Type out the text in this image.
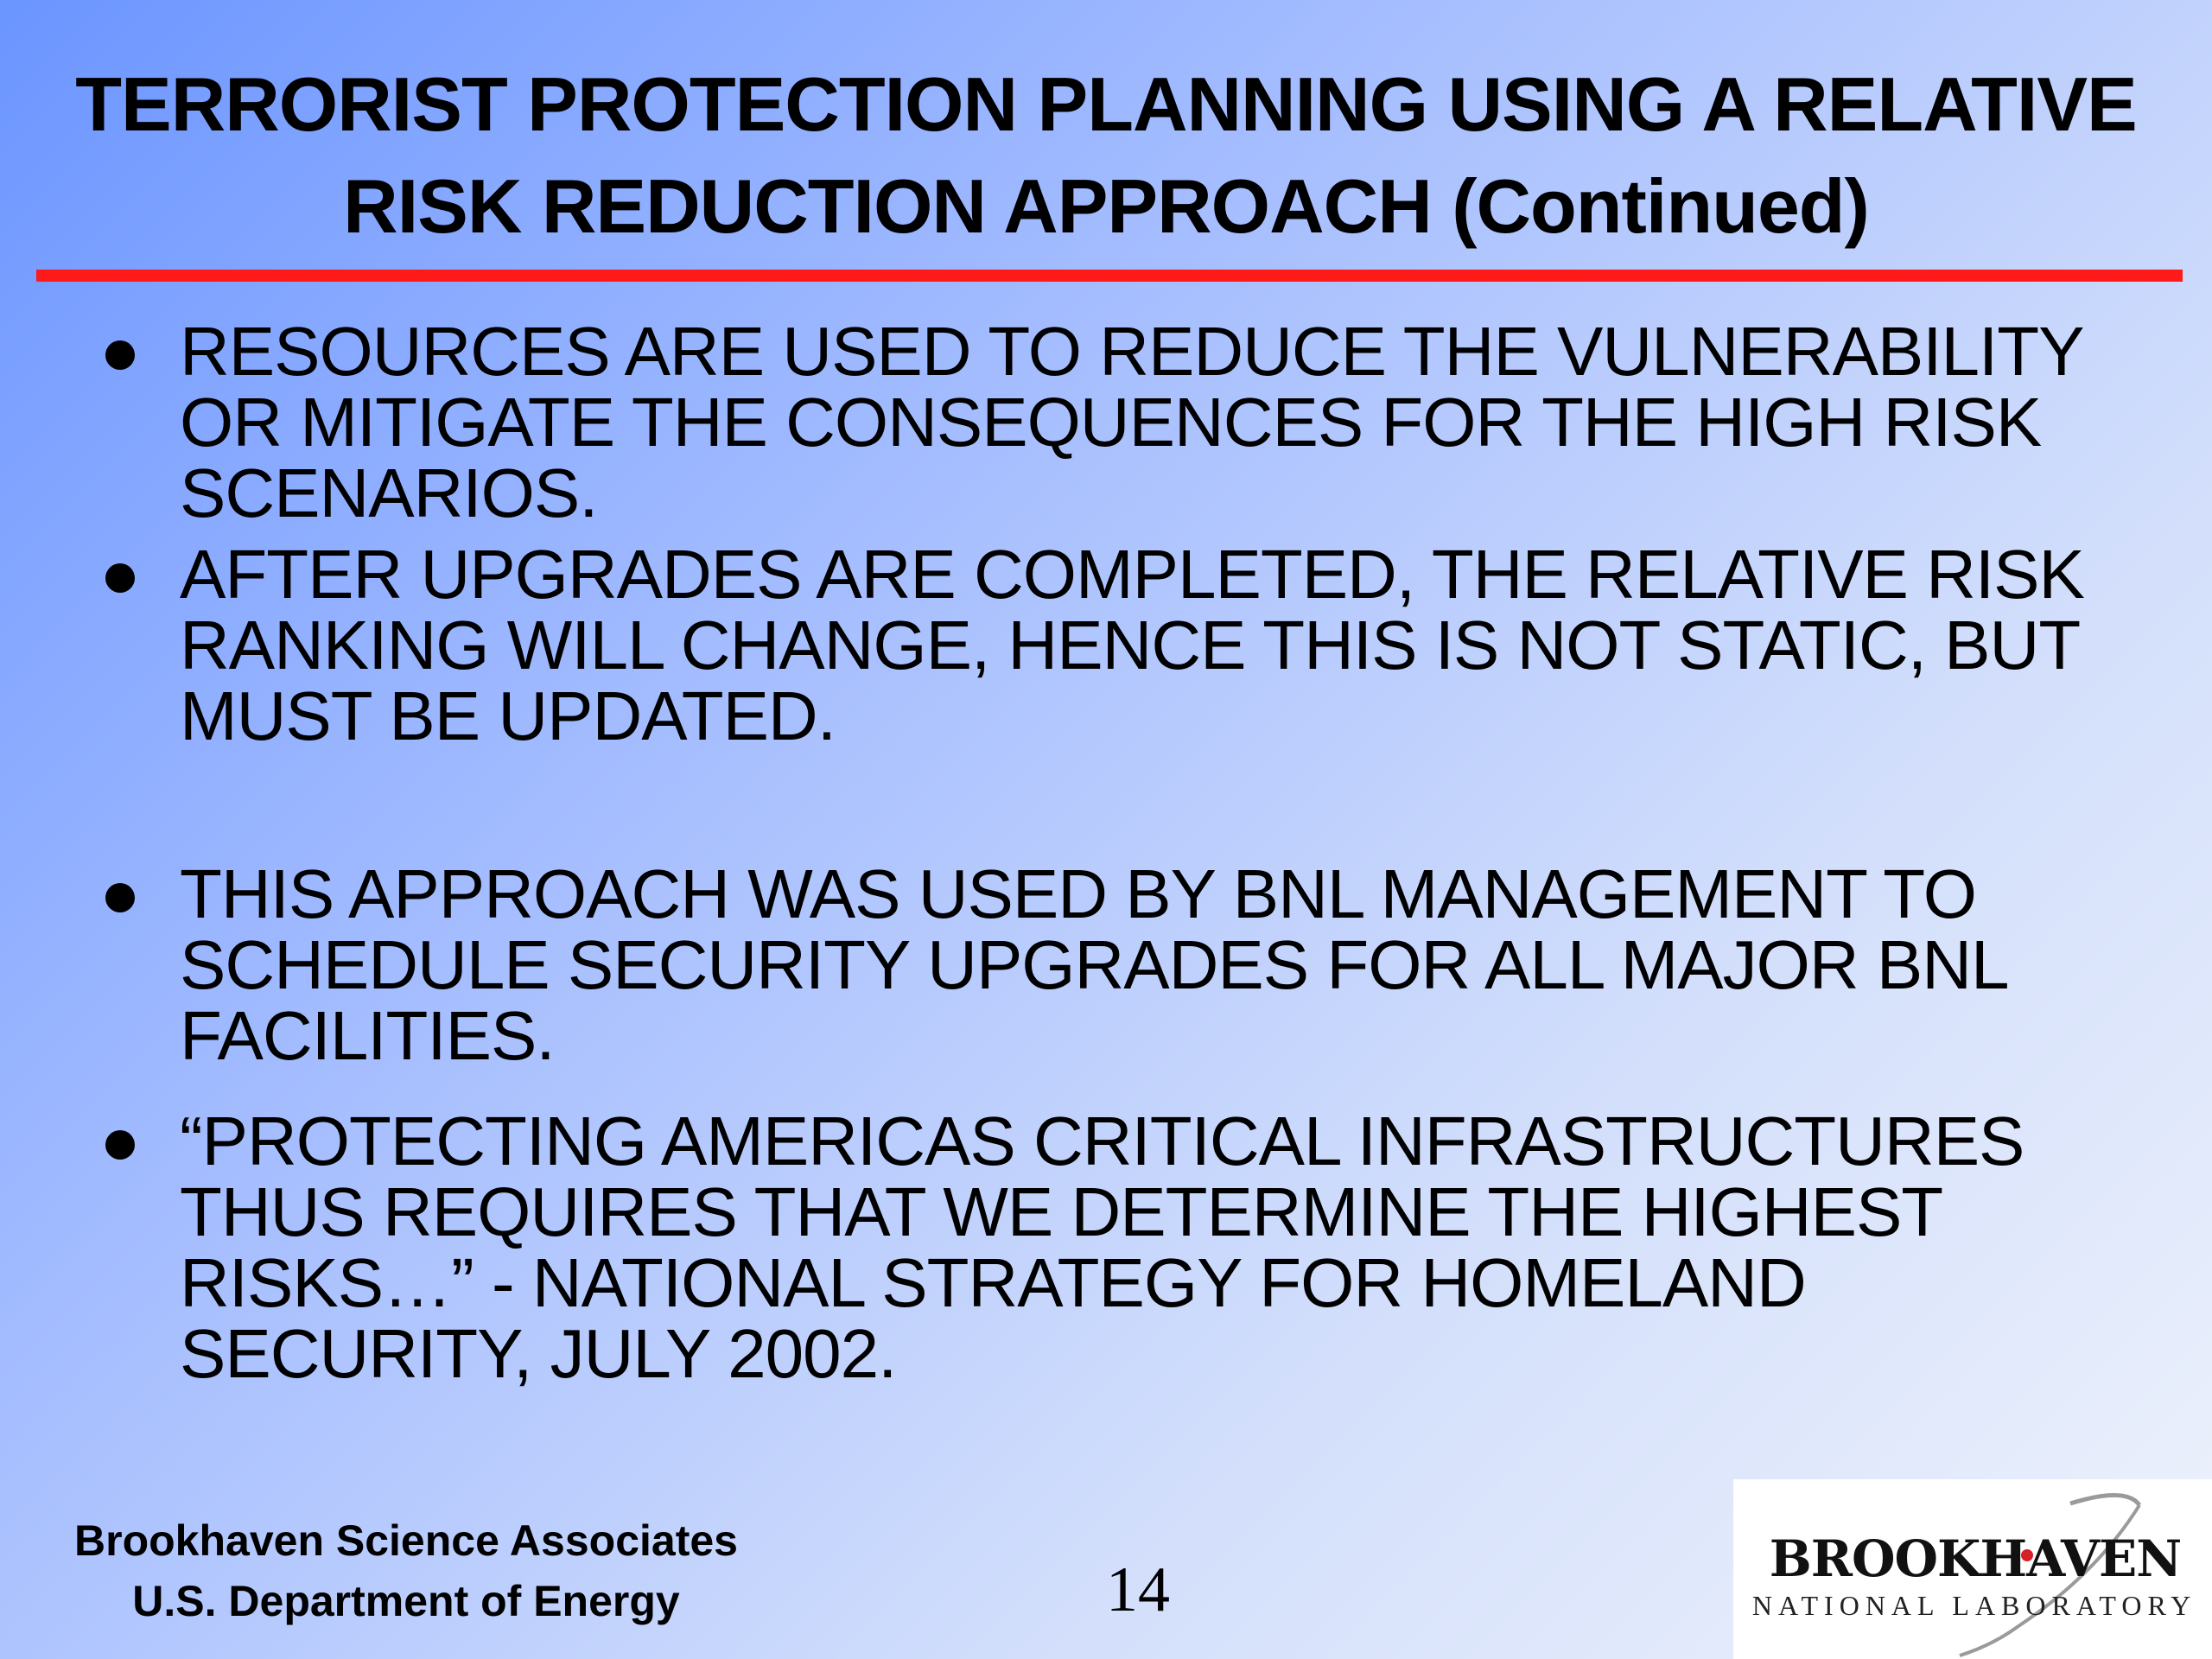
TERRORIST PROTECTION PLANNING USING A RELATIVE
RISK REDUCTION APPROACH (Continued)
RESOURCES ARE USED TO REDUCE THE VULNERABILITY OR MITIGATE THE CONSEQUENCES FOR THE HIGH RISK SCENARIOS.
AFTER UPGRADES ARE COMPLETED, THE RELATIVE RISK RANKING WILL CHANGE, HENCE THIS IS NOT STATIC, BUT MUST BE UPDATED.
THIS APPROACH WAS USED BY BNL MANAGEMENT TO SCHEDULE SECURITY UPGRADES FOR ALL MAJOR BNL FACILITIES.
“PROTECTING AMERICAS CRITICAL INFRASTRUCTURES THUS REQUIRES THAT WE DETERMINE THE HIGHEST RISKS…” - NATIONAL STRATEGY FOR HOMELAND SECURITY, JULY 2002.
Brookhaven Science Associates
U.S. Department of Energy	14	BROOKHAVEN
NATIONAL LABORATORY
